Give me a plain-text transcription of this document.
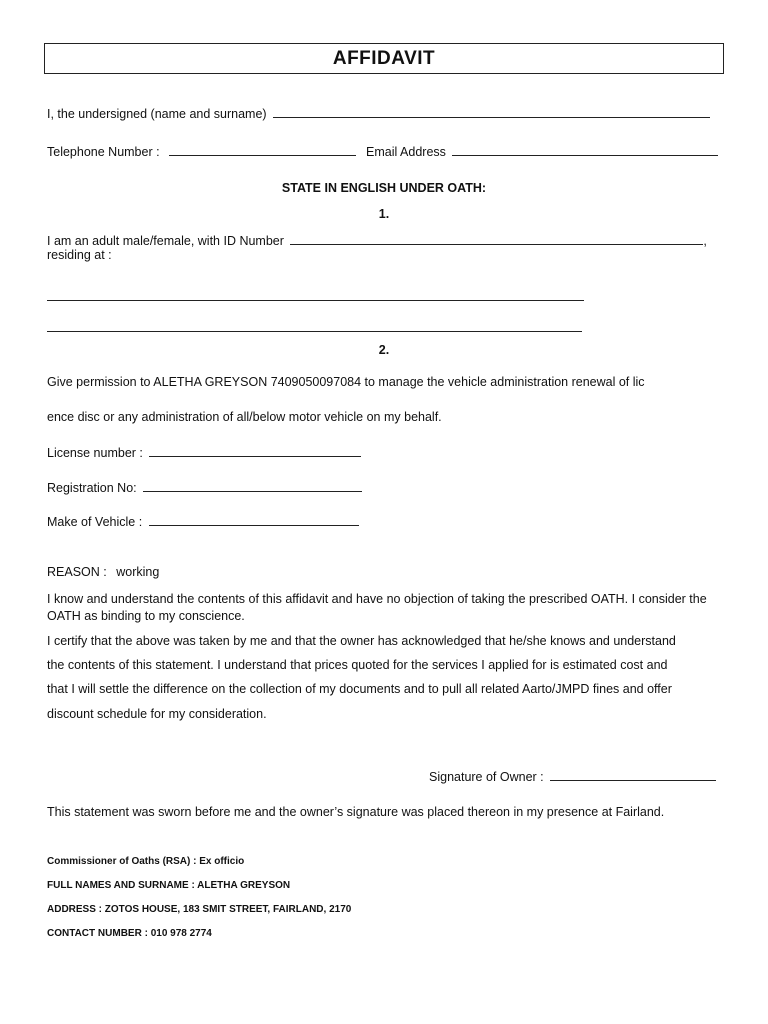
AFFIDAVIT
I, the undersigned (name and surname)
Telephone Number :	Email Address
STATE IN ENGLISH UNDER OATH:
1.
I am an adult male/female, with ID Number	,
residing at :
2.
Give permission to ALETHA GREYSON 7409050097084 to manage the vehicle administration renewal of lic
ence disc or any administration of all/below motor vehicle on my behalf.
License number :
Registration No:
Make of Vehicle :
REASON : working
I know and understand the contents of this affidavit and have no objection of taking the prescribed OATH. I consider the OATH as binding to my conscience.
I certify that the above was taken by me and that the owner has acknowledged that he/she knows and understand
the contents of this statement. I understand that prices quoted for the services I applied for is estimated cost and
that I will settle the difference on the collection of my documents and to pull all related Aarto/JMPD fines and offer
discount schedule for my consideration.
Signature of Owner :
This statement was sworn before me and the owner’s signature was placed thereon in my presence at Fairland.
Commissioner of Oaths (RSA) : Ex officio
FULL NAMES AND SURNAME : ALETHA GREYSON
ADDRESS : ZOTOS HOUSE, 183 SMIT STREET, FAIRLAND, 2170
CONTACT NUMBER : 010 978 2774
